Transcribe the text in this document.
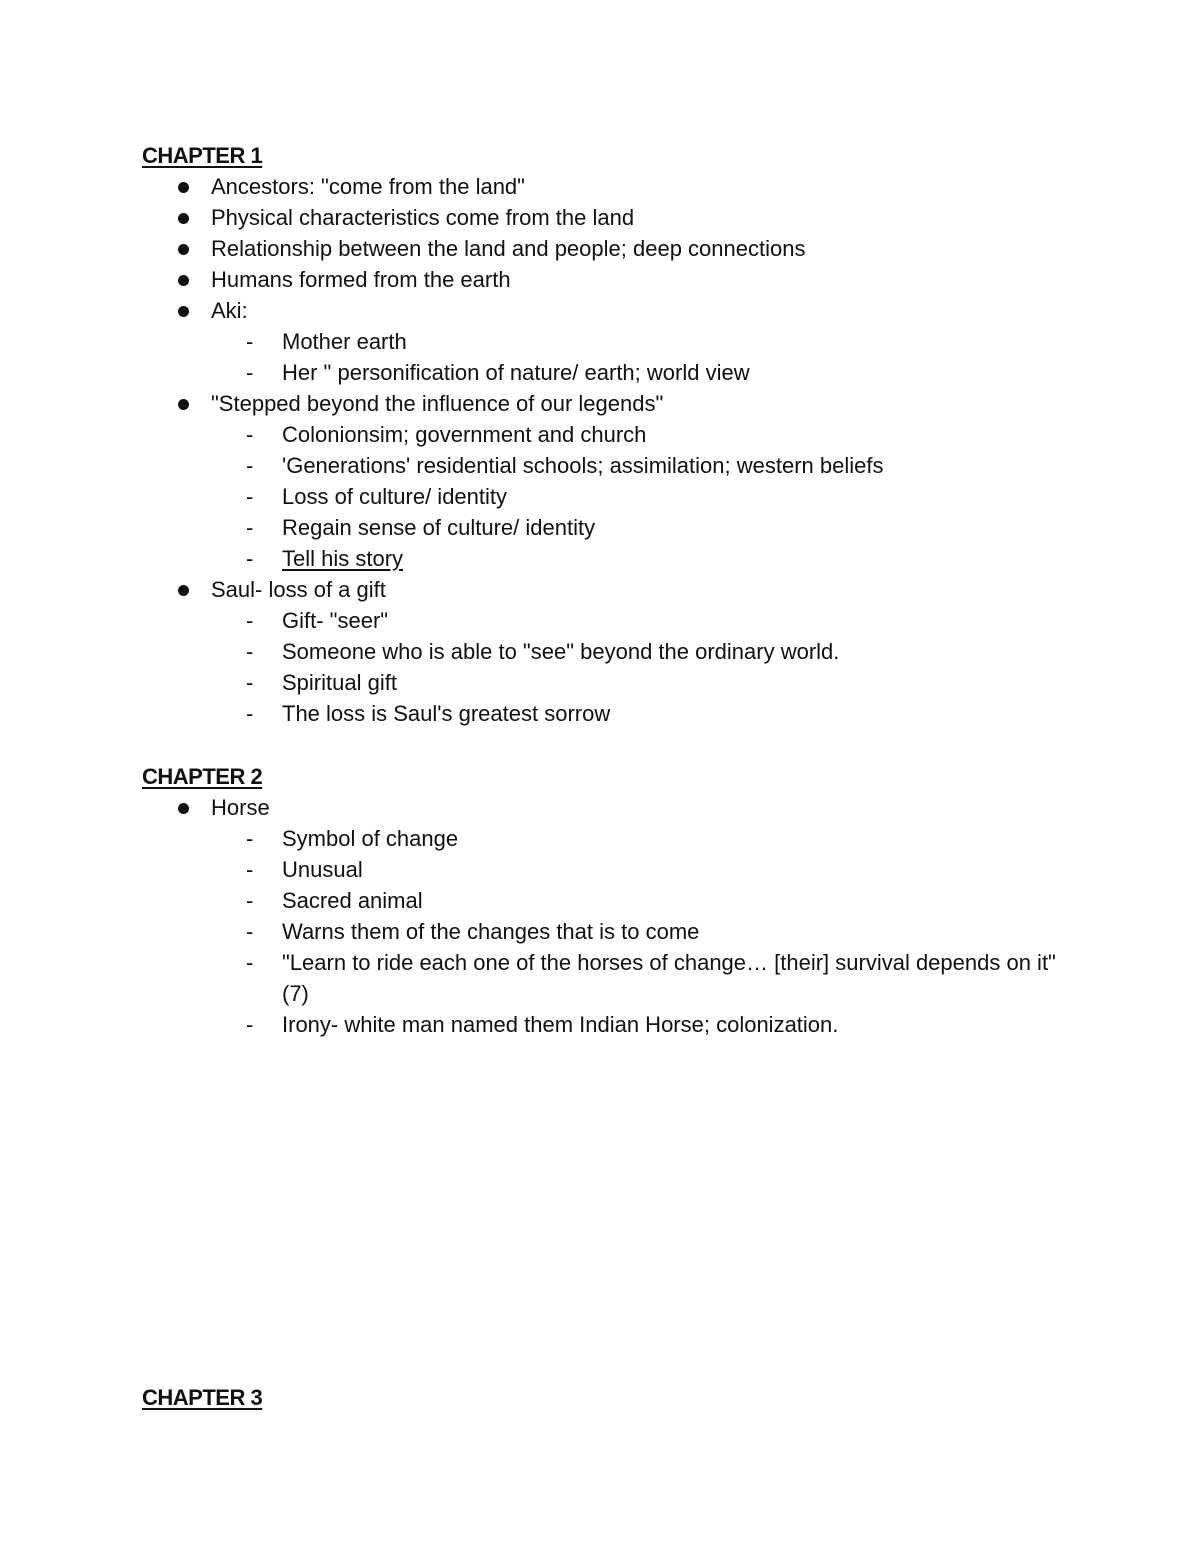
CHAPTER 1
Ancestors: "come from the land"
Physical characteristics come from the land
Relationship between the land and people; deep connections
Humans formed from the earth
Aki:
- Mother earth
- Her " personification of nature/ earth; world view
"Stepped beyond the influence of our legends"
- Colonionsim; government and church
- 'Generations' residential schools; assimilation; western beliefs
- Loss of culture/ identity
- Regain sense of culture/ identity
- Tell his story
Saul- loss of a gift
- Gift- "seer"
- Someone who is able to "see" beyond the ordinary world.
- Spiritual gift
- The loss is Saul's greatest sorrow
CHAPTER 2
Horse
- Symbol of change
- Unusual
- Sacred animal
- Warns them of the changes that is to come
- "Learn to ride each one of the horses of change… [their] survival depends on it" (7)
- Irony- white man named them Indian Horse; colonization.
CHAPTER 3
